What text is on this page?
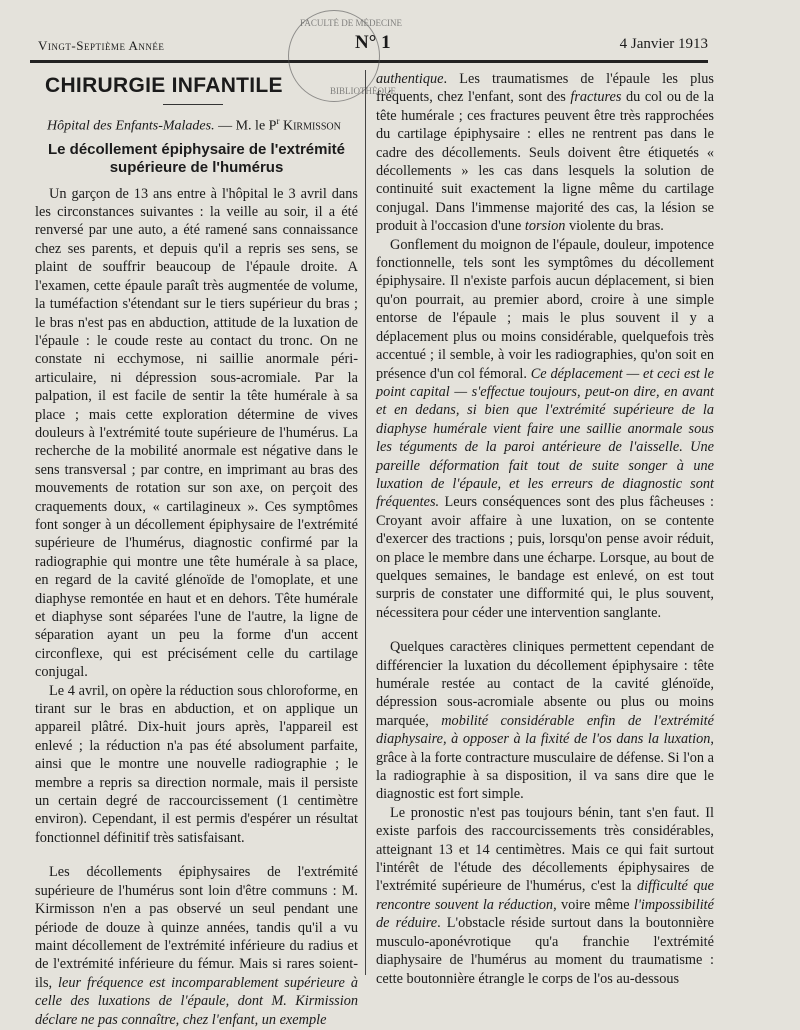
Vingt-Septième Année	N° 1	4 Janvier 1913
FACULTÉ DE MÉDECINE
BIBLIOTHÈQUE
CHIRURGIE INFANTILE
Hôpital des Enfants-Malades. — M. le $P^r$ Kirmisson
Le décollement épiphysaire de l'extrémité supérieure de l'humérus

Un garçon de 13 ans entre à l'hôpital le 3 avril dans les circonstances suivantes : la veille au soir, il a été renversé par une auto, a été ramené sans connaissance chez ses parents, et depuis qu'il a repris ses sens, se plaint de souffrir beaucoup de l'épaule droite. A l'examen, cette épaule paraît très augmentée de volume, la tuméfaction s'étendant sur le tiers supérieur du bras ; le bras n'est pas en abduction, attitude de la luxation de l'épaule : le coude reste au contact du tronc. On ne constate ni ecchymose, ni saillie anormale péri-articulaire, ni dépression sous-acromiale. Par la palpation, il est facile de sentir la tête humérale à sa place ; mais cette exploration détermine de vives douleurs à l'extrémité toute supérieure de l'humérus. La recherche de la mobilité anormale est négative dans le sens transversal ; par contre, en imprimant au bras des mouvements de rotation sur son axe, on perçoit des craquements doux, « cartilagineux ». Ces symptômes font songer à un décollement épiphysaire de l'extrémité supérieure de l'humérus, diagnostic confirmé par la radiographie qui montre une tête humérale à sa place, en regard de la cavité glénoïde de l'omoplate, et une diaphyse remontée en haut et en dehors. Tête humérale et diaphyse sont séparées l'une de l'autre, la ligne de séparation ayant un peu la forme d'un accent circonflexe, qui est précisément celle du cartilage conjugal.

Le 4 avril, on opère la réduction sous chloroforme, en tirant sur le bras en abduction, et on applique un appareil plâtré. Dix-huit jours après, l'appareil est enlevé ; la réduction n'a pas été absolument parfaite, ainsi que le montre une nouvelle radiographie ; le membre a repris sa direction normale, mais il persiste un certain degré de raccourcissement (1 centimètre environ). Cependant, il est permis d'espérer un résultat fonctionnel définitif très satisfaisant.

Les décollements épiphysaires de l'extrémité supérieure de l'humérus sont loin d'être communs : M. Kirmisson n'en a pas observé un seul pendant une période de douze à quinze années, tandis qu'il a vu maint décollement de l'extrémité inférieure du radius et de l'extrémité inférieure du fémur. Mais si rares soient-ils, leur fréquence est incomparablement supérieure à celle des luxations de l'épaule, dont M. Kirmission déclare ne pas connaître, chez l'enfant, un exemple

authentique. Les traumatismes de l'épaule les plus fréquents, chez l'enfant, sont des fractures du col ou de la tête humérale ; ces fractures peuvent être très rapprochées du cartilage épiphysaire : elles ne rentrent pas dans le cadre des décollements. Seuls doivent être étiquetés « décollements » les cas dans lesquels la solution de continuité suit exactement la ligne même du cartilage conjugal. Dans l'immense majorité des cas, la lésion se produit à l'occasion d'une torsion violente du bras.

Gonflement du moignon de l'épaule, douleur, impotence fonctionnelle, tels sont les symptômes du décollement épiphysaire. Il n'existe parfois aucun déplacement, si bien qu'on pourrait, au premier abord, croire à une simple entorse de l'épaule ; mais le plus souvent il y a déplacement plus ou moins considérable, quelquefois très accentué ; il semble, à voir les radiographies, qu'on soit en présence d'un col fémoral. Ce déplacement — et ceci est le point capital — s'effectue toujours, peut-on dire, en avant et en dedans, si bien que l'extrémité supérieure de la diaphyse humérale vient faire une saillie anormale sous les téguments de la paroi antérieure de l'aisselle. Une pareille déformation fait tout de suite songer à une luxation de l'épaule, et les erreurs de diagnostic sont fréquentes. Leurs conséquences sont des plus fâcheuses : Croyant avoir affaire à une luxation, on se contente d'exercer des tractions ; puis, lorsqu'on pense avoir réduit, on place le membre dans une écharpe. Lorsque, au bout de quelques semaines, le bandage est enlevé, on est tout surpris de constater une difformité qui, le plus souvent, nécessitera pour céder une intervention sanglante.

Quelques caractères cliniques permettent cependant de différencier la luxation du décollement épiphysaire : tête humérale restée au contact de la cavité glénoïde, dépression sous-acromiale absente ou plus ou moins marquée, mobilité considérable enfin de l'extrémité diaphysaire, à opposer à la fixité de l'os dans la luxation, grâce à la forte contracture musculaire de défense. Si l'on a la radiographie à sa disposition, il va sans dire que le diagnostic est fort simple.

Le pronostic n'est pas toujours bénin, tant s'en faut. Il existe parfois des raccourcissements très considérables, atteignant 13 et 14 centimètres. Mais ce qui fait surtout l'intérêt de l'étude des décollements épiphysaires de l'extrémité supérieure de l'humérus, c'est la difficulté que rencontre souvent la réduction, voire même l'impossibilité de réduire. L'obstacle réside surtout dans la boutonnière musculo-aponévrotique qu'a franchie l'extrémité diaphysaire de l'humérus au moment du traumatisme : cette boutonnière étrangle le corps de l'os au-dessous
